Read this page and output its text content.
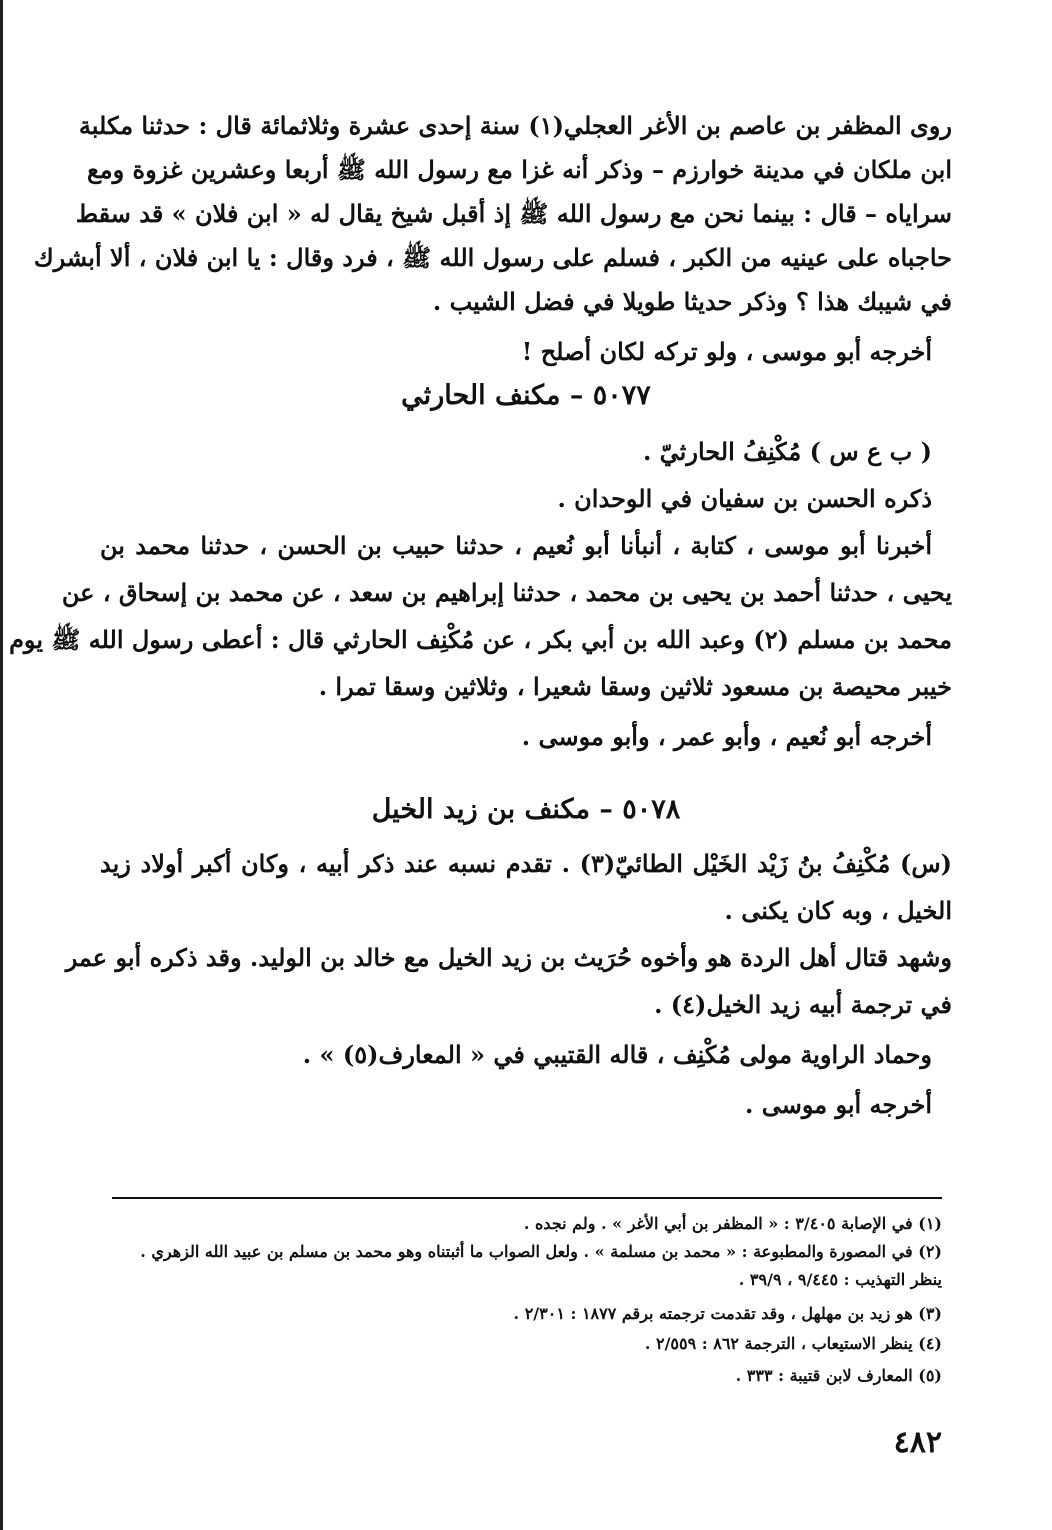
روى المظفر بن عاصم بن الأغر العجلي(١) سنة إحدى عشرة وثلاثمائة قال : حدثنا مكلبة
ابن ملكان في مدينة خوارزم – وذكر أنه غزا مع رسول الله ﷺ أربعا وعشرين غزوة ومع
سراياه – قال : بينما نحن مع رسول الله ﷺ إذ أقبل شيخ يقال له « ابن فلان » قد سقط
حاجباه على عينيه من الكبر ، فسلم على رسول الله ﷺ ، فرد وقال : يا ابن فلان ، ألا أبشرك
في شيبك هذا ؟ وذكر حديثا طويلا في فضل الشيب .
أخرجه أبو موسى ، ولو تركه لكان أصلح !
٥٠٧٧ – مكنف الحارثي
( ب ع س ) مُكْنِفُ الحارثيّ .
ذكره الحسن بن سفيان في الوحدان .
أخبرنا أبو موسى ، كتابة ، أنبأنا أبو نُعيم ، حدثنا حبيب بن الحسن ، حدثنا محمد بن
يحيى ، حدثنا أحمد بن يحيى بن محمد ، حدثنا إبراهيم بن سعد ، عن محمد بن إسحاق ، عن
محمد بن مسلم (٢) وعبد الله بن أبي بكر ، عن مُكْنِف الحارثي قال : أعطى رسول الله ﷺ يوم
خيبر محيصة بن مسعود ثلاثين وسقا شعيرا ، وثلاثين وسقا تمرا .
أخرجه أبو نُعيم ، وأبو عمر ، وأبو موسى .
٥٠٧٨ – مكنف بن زيد الخيل
(س) مُكْنِفُ بنُ زَيْد الخَيْل الطائيّ(٣) . تقدم نسبه عند ذكر أبيه ، وكان أكبر أولاد زيد
الخيل ، وبه كان يكنى .
وشهد قتال أهل الردة هو وأخوه حُرَيث بن زيد الخيل مع خالد بن الوليد. وقد ذكره أبو عمر
في ترجمة أبيه زيد الخيل(٤) .
وحماد الراوية مولى مُكْنِف ، قاله القتيبي في « المعارف(٥) » .
أخرجه أبو موسى .
(١) في الإصابة ٣/٤٠٥ : « المظفر بن أبي الأغر » . ولم نجده .
(٢) في المصورة والمطبوعة : « محمد بن مسلمة » . ولعل الصواب ما أثبتناه وهو محمد بن مسلم بن عبيد الله الزهري .
ينظر التهذيب : ٩/٤٤٥ ، ٣٩/٩ .
(٣) هو زيد بن مهلهل ، وقد تقدمت ترجمته برقم ١٨٧٧ : ٢/٣٠١ .
(٤) ينظر الاستيعاب ، الترجمة ٨٦٢ : ٢/٥٥٩ .
(٥) المعارف لابن قتيبة : ٣٣٣ .
٤٨٢
